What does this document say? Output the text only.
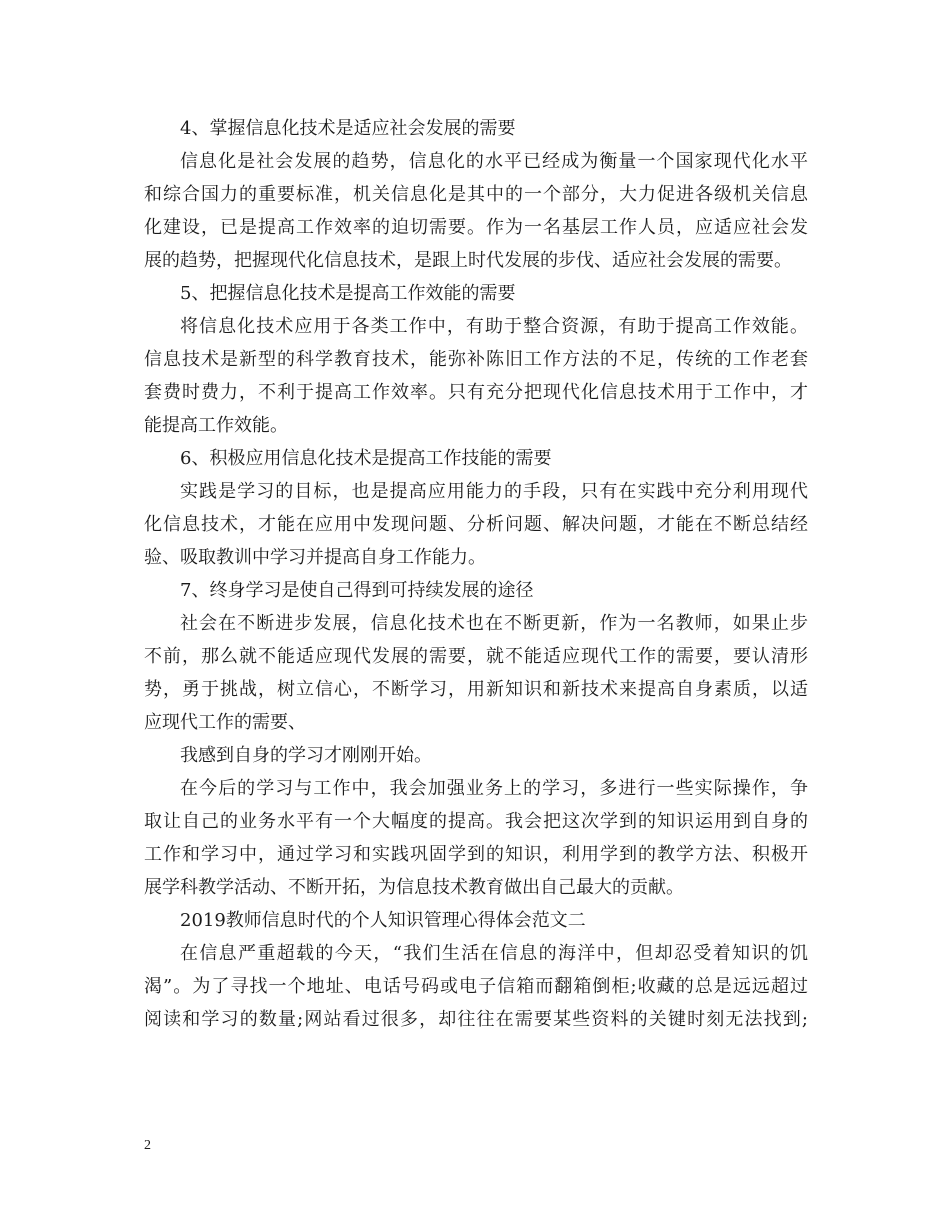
4、掌握信息化技术是适应社会发展的需要
信息化是社会发展的趋势，信息化的水平已经成为衡量一个国家现代化水平
和综合国力的重要标准，机关信息化是其中的一个部分，大力促进各级机关信息
化建设，已是提高工作效率的迫切需要。作为一名基层工作人员，应适应社会发
展的趋势，把握现代化信息技术，是跟上时代发展的步伐、适应社会发展的需要。
5、把握信息化技术是提高工作效能的需要
将信息化技术应用于各类工作中，有助于整合资源，有助于提高工作效能。
信息技术是新型的科学教育技术，能弥补陈旧工作方法的不足，传统的工作老套
套费时费力，不利于提高工作效率。只有充分把现代化信息技术用于工作中，才
能提高工作效能。
6、积极应用信息化技术是提高工作技能的需要
实践是学习的目标，也是提高应用能力的手段，只有在实践中充分利用现代
化信息技术，才能在应用中发现问题、分析问题、解决问题，才能在不断总结经
验、吸取教训中学习并提高自身工作能力。
7、终身学习是使自己得到可持续发展的途径
社会在不断进步发展，信息化技术也在不断更新，作为一名教师，如果止步
不前，那么就不能适应现代发展的需要，就不能适应现代工作的需要，要认清形
势，勇于挑战，树立信心，不断学习，用新知识和新技术来提高自身素质，以适
应现代工作的需要、
我感到自身的学习才刚刚开始。
在今后的学习与工作中，我会加强业务上的学习，多进行一些实际操作，争
取让自己的业务水平有一个大幅度的提高。我会把这次学到的知识运用到自身的
工作和学习中，通过学习和实践巩固学到的知识，利用学到的教学方法、积极开
展学科教学活动、不断开拓，为信息技术教育做出自己最大的贡献。
2019教师信息时代的个人知识管理心得体会范文二
在信息严重超载的今天，“我们生活在信息的海洋中，但却忍受着知识的饥
渴”。为了寻找一个地址、电话号码或电子信箱而翻箱倒柜;收藏的总是远远超过
阅读和学习的数量;网站看过很多，却往往在需要某些资料的关键时刻无法找到;
2
